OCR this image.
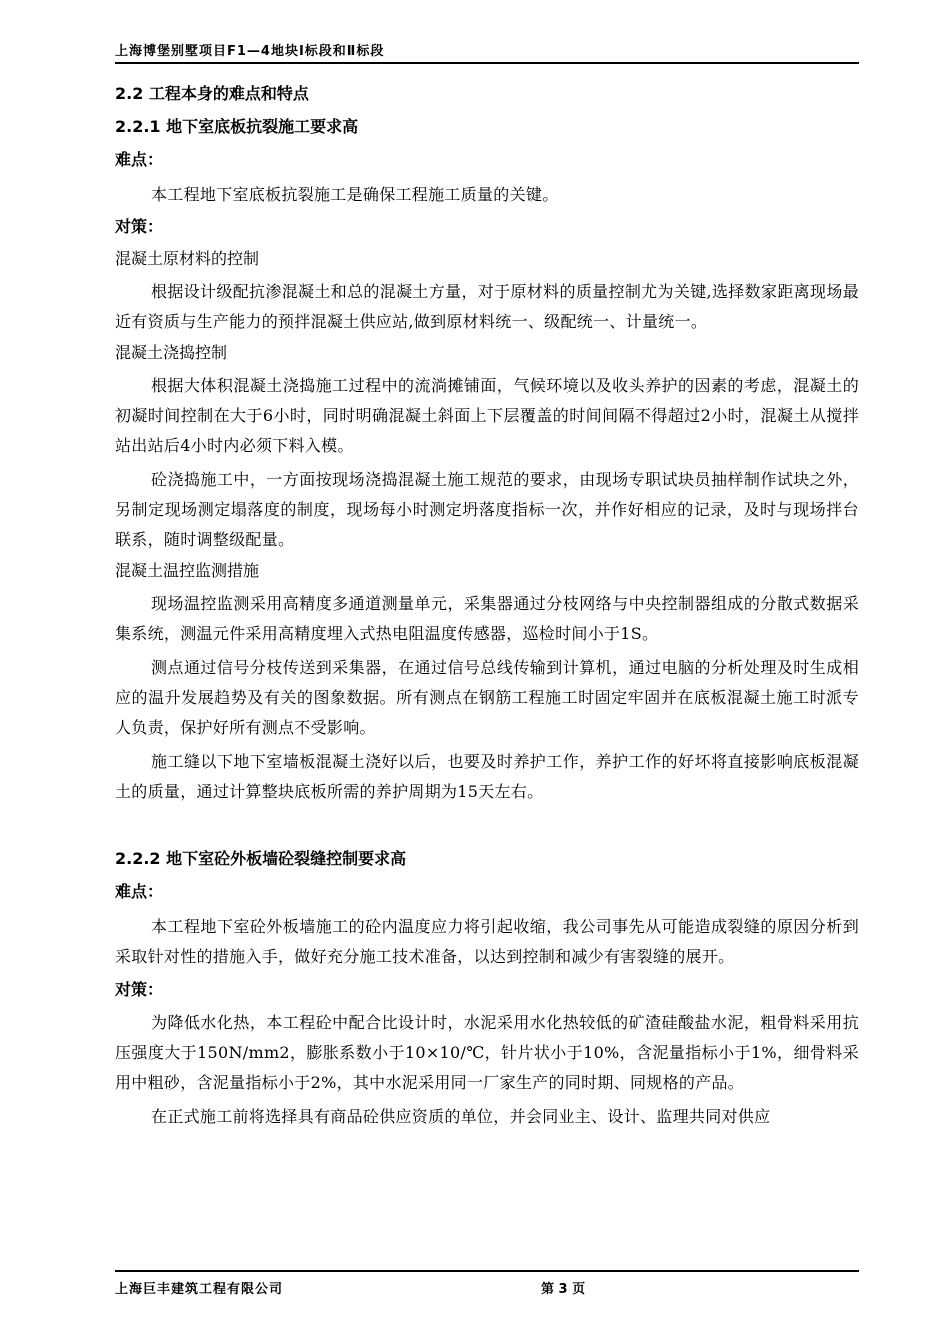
上海博堡别墅项目F1—4地块Ⅰ标段和Ⅱ标段

2.2 工程本身的难点和特点

2.2.1 地下室底板抗裂施工要求高

难点：

本工程地下室底板抗裂施工是确保工程施工质量的关键。

对策：

混凝土原材料的控制

根据设计级配抗渗混凝土和总的混凝土方量，对于原材料的质量控制尤为关键,选择数家距离现场最近有资质与生产能力的预拌混凝土供应站,做到原材料统一、级配统一、计量统一。

混凝土浇捣控制

根据大体积混凝土浇捣施工过程中的流淌摊铺面，气候环境以及收头养护的因素的考虑，混凝土的初凝时间控制在大于6小时，同时明确混凝土斜面上下层覆盖的时间间隔不得超过2小时，混凝土从搅拌站出站后4小时内必须下料入模。

砼浇捣施工中，一方面按现场浇捣混凝土施工规范的要求，由现场专职试块员抽样制作试块之外，另制定现场测定塌落度的制度，现场每小时测定坍落度指标一次，并作好相应的记录，及时与现场拌台联系，随时调整级配量。

混凝土温控监测措施

现场温控监测采用高精度多通道测量单元，采集器通过分枝网络与中央控制器组成的分散式数据采集系统，测温元件采用高精度埋入式热电阻温度传感器，巡检时间小于1S。

测点通过信号分枝传送到采集器，在通过信号总线传输到计算机，通过电脑的分析处理及时生成相应的温升发展趋势及有关的图象数据。所有测点在钢筋工程施工时固定牢固并在底板混凝土施工时派专人负责，保护好所有测点不受影响。

施工缝以下地下室墙板混凝土浇好以后，也要及时养护工作，养护工作的好坏将直接影响底板混凝土的质量，通过计算整块底板所需的养护周期为15天左右。

2.2.2 地下室砼外板墙砼裂缝控制要求高

难点：

本工程地下室砼外板墙施工的砼内温度应力将引起收缩，我公司事先从可能造成裂缝的原因分析到采取针对性的措施入手，做好充分施工技术准备，以达到控制和减少有害裂缝的展开。

对策：

为降低水化热，本工程砼中配合比设计时，水泥采用水化热较低的矿渣硅酸盐水泥，粗骨料采用抗压强度大于150N/mm2，膨胀系数小于10×10/℃，针片状小于10%，含泥量指标小于1%，细骨料采用中粗砂，含泥量指标小于2%，其中水泥采用同一厂家生产的同时期、同规格的产品。

在正式施工前将选择具有商品砼供应资质的单位，并会同业主、设计、监理共同对供应

上海巨丰建筑工程有限公司	第 3 页
